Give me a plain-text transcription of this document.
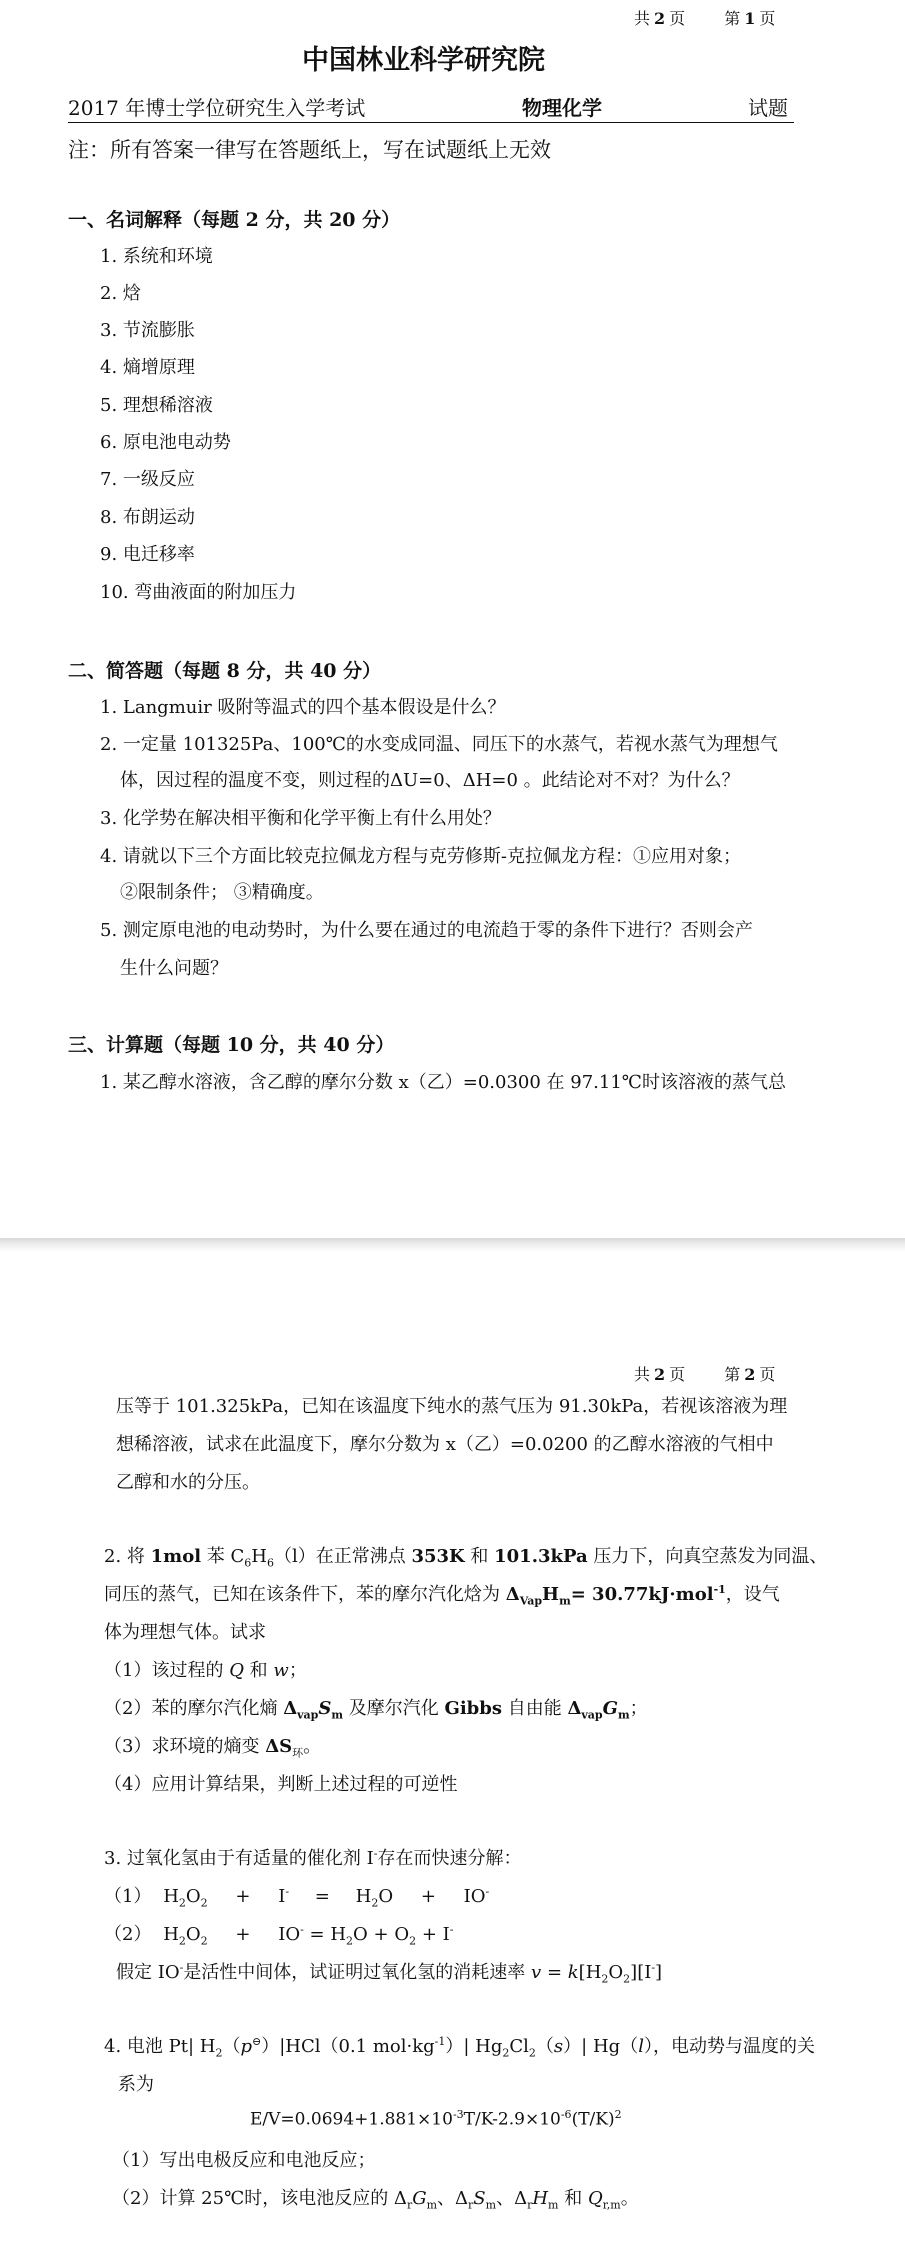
共 2 页 第 1 页
中国林业科学研究院
2017 年博士学位研究生入学考试	物理化学	试题
注：所有答案一律写在答题纸上，写在试题纸上无效
一、名词解释（每题 2 分，共 20 分）
1. 系统和环境
2. 焓
3. 节流膨胀
4. 熵增原理
5. 理想稀溶液
6. 原电池电动势
7. 一级反应
8. 布朗运动
9. 电迁移率
10. 弯曲液面的附加压力
二、简答题（每题 8 分，共 40 分）
1. Langmuir 吸附等温式的四个基本假设是什么？
2. 一定量 101325Pa、100℃的水变成同温、同压下的水蒸气，若视水蒸气为理想气
体，因过程的温度不变，则过程的ΔU=0、ΔH=0 。此结论对不对？为什么？
3. 化学势在解决相平衡和化学平衡上有什么用处？
4. 请就以下三个方面比较克拉佩龙方程与克劳修斯-克拉佩龙方程：①应用对象；
②限制条件； ③精确度。
5. 测定原电池的电动势时，为什么要在通过的电流趋于零的条件下进行？否则会产
生什么问题？
三、计算题（每题 10 分，共 40 分）
1. 某乙醇水溶液，含乙醇的摩尔分数 x（乙）=0.0300 在 97.11℃时该溶液的蒸气总
共 2 页 第 2 页
压等于 101.325kPa，已知在该温度下纯水的蒸气压为 91.30kPa，若视该溶液为理
想稀溶液，试求在此温度下，摩尔分数为 x（乙）=0.0200 的乙醇水溶液的气相中
乙醇和水的分压。
2. 将 1mol 苯 $C_6H_6(l)$在正常沸点 353K 和 101.3kPa 压力下，向真空蒸发为同温、
同压的蒸气，已知在该条件下，苯的摩尔汽化焓为 $\Delta_{Vap}H_m= 30.77kJ\cdot mol^{-1}$，设气
体为理想气体。试求
（1）该过程的 Q 和 w；
（2）苯的摩尔汽化熵 $\Delta_{vap}S_m$ 及摩尔汽化 Gibbs 自由能 $\Delta_{vap}G_m$；
（3）求环境的熵变 $\Delta S_环$。
（4）应用计算结果，判断上述过程的可逆性
3. 过氧化氢由于有适量的催化剂 I-存在而快速分解：
（1） $H_2O_2 + I^- = H_2O + IO^-$
（2） $H_2O_2 + IO^- = H_2O + O_2 + I^-$
假定 IO-是活性中间体，试证明过氧化氢的消耗速率 $v = k[H_2O_2][I^-]$
4. 电池 Pt| $H_2(p^⊖)|HCl(0.1$ $mol\cdot kg^{-1})|$ $Hg_2Cl_2(s)|$ Hg（l），电动势与温度的关
系为
$E/V=0.0694+1.881\times 10^{-3}T/K-2.9\times 10^{-6}(T/K)^2$
（1）写出电极反应和电池反应；
（2）计算 25℃时，该电池反应的 $\Delta_rG_m$、$\Delta_rS_m$、$\Delta_rH_m$ 和 $Q_{r,m}$。
